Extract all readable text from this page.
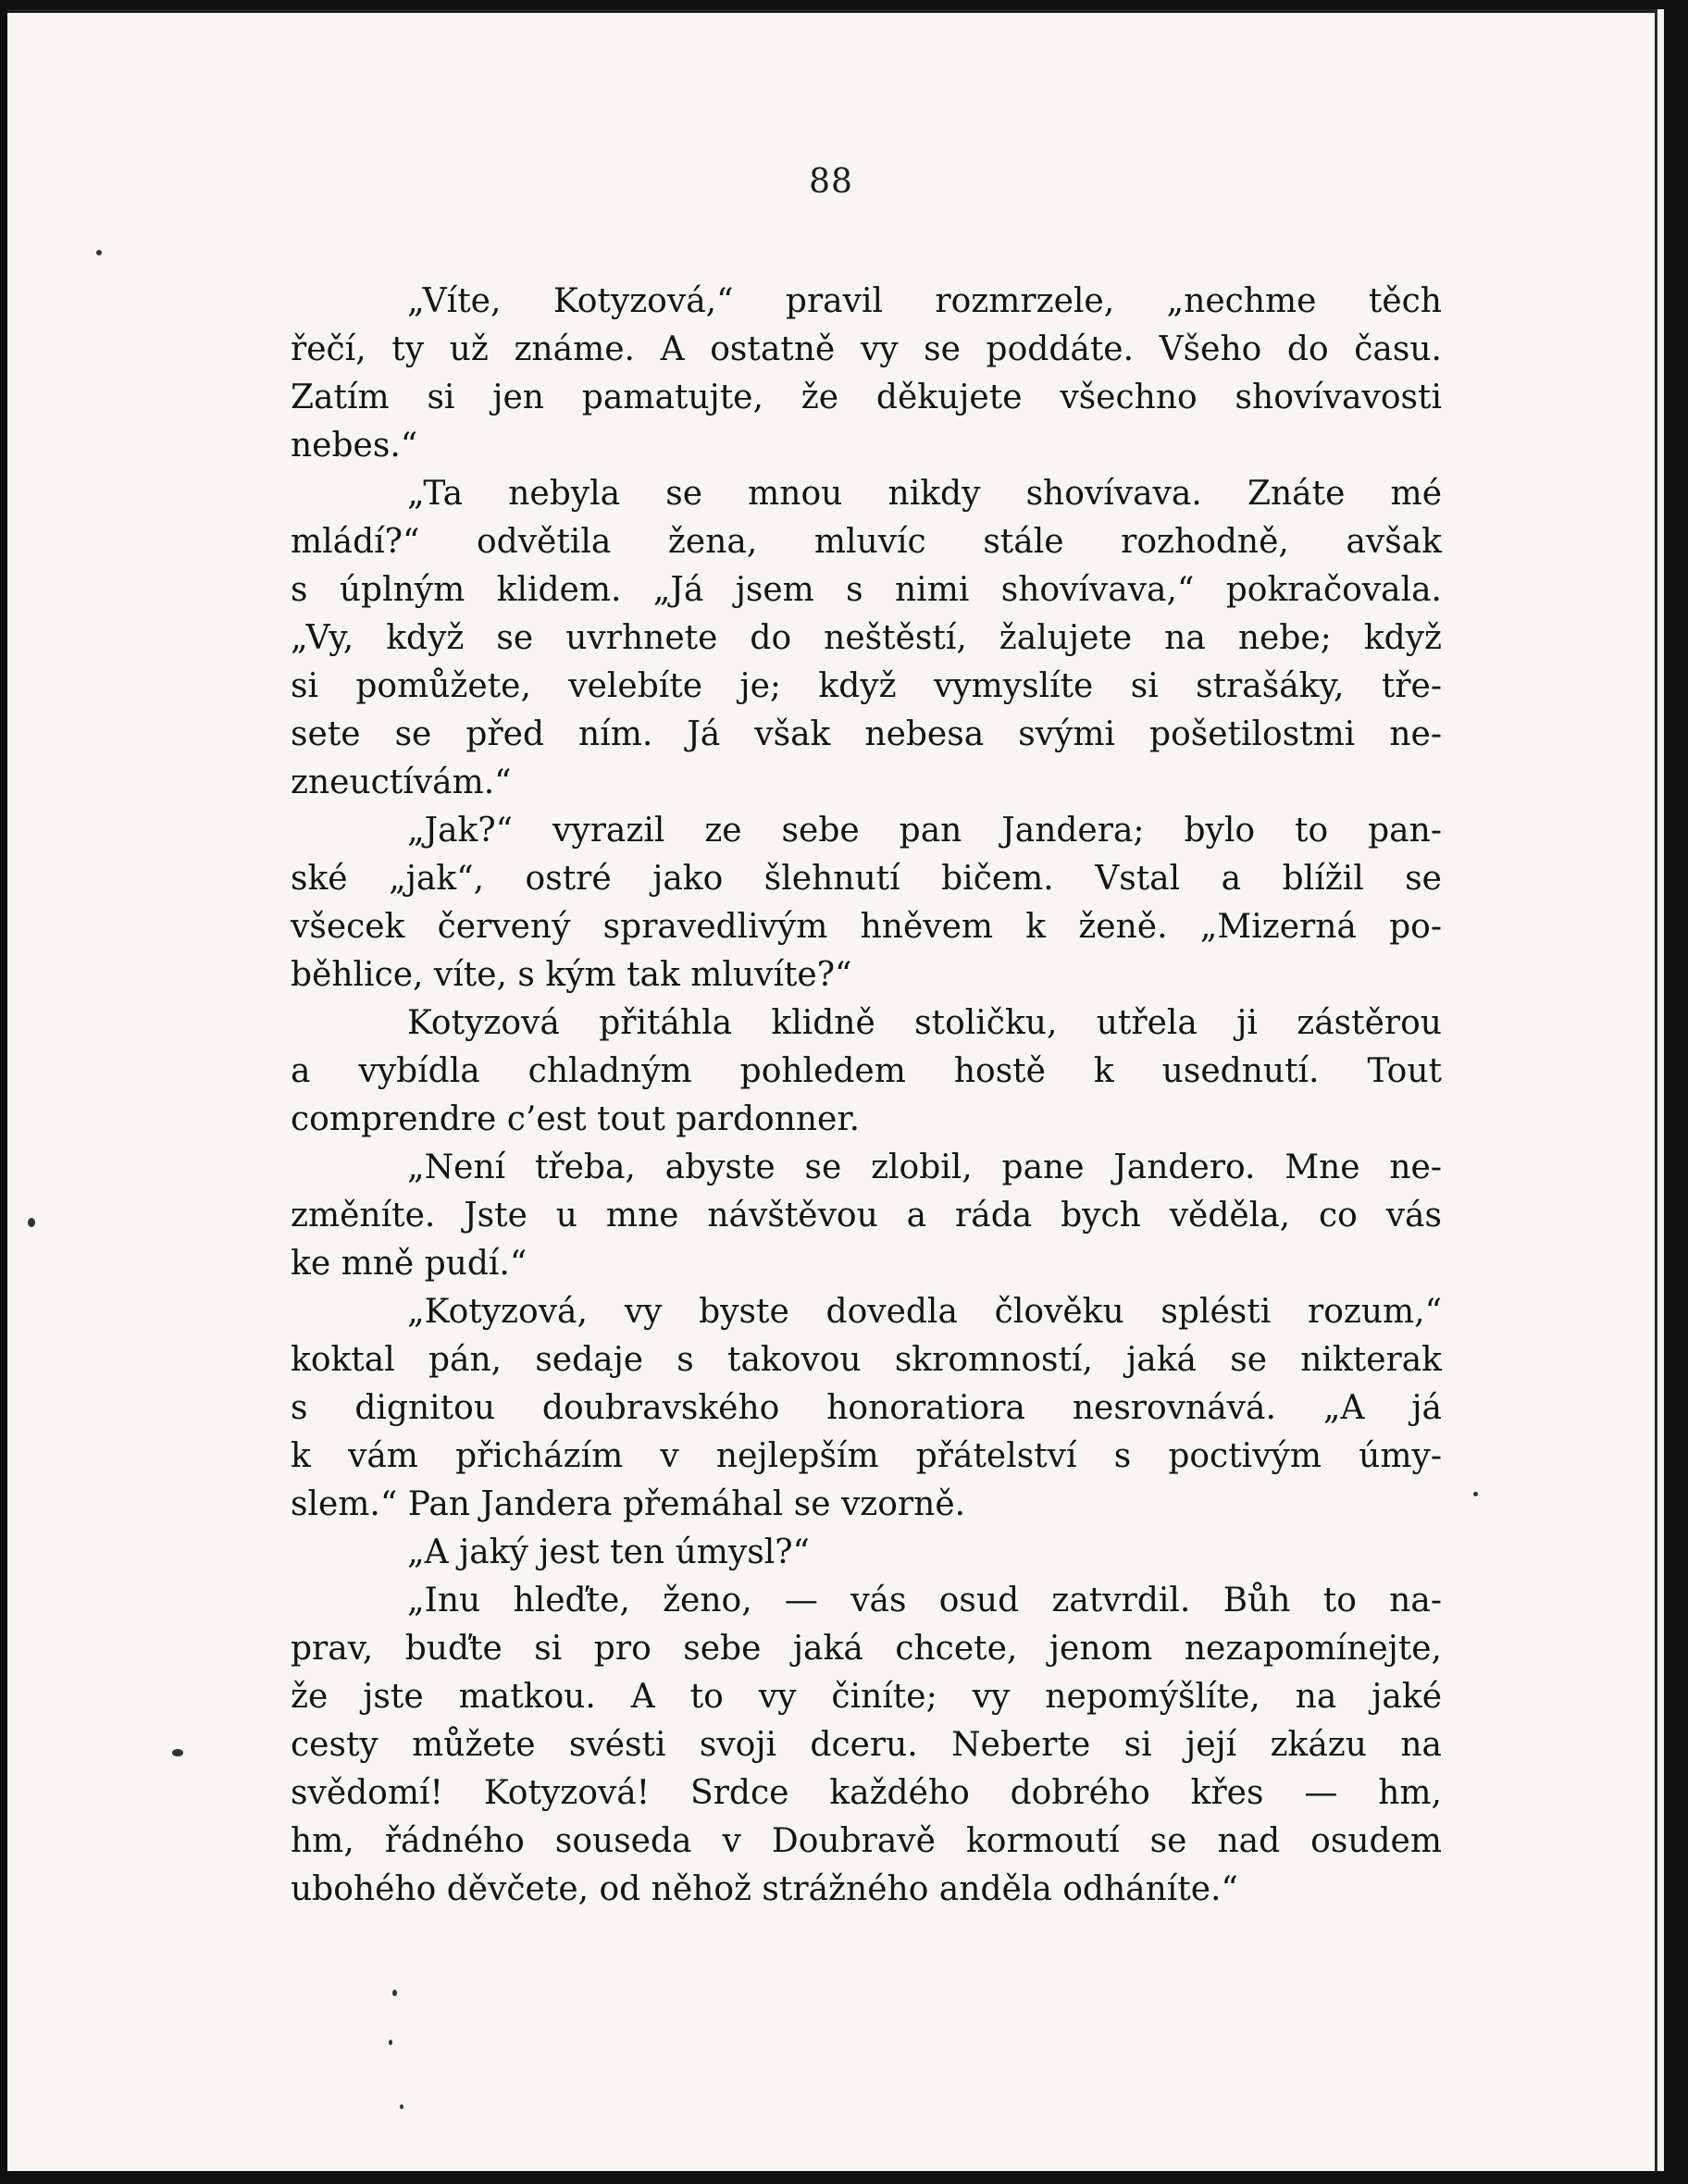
88
„Víte, Kotyzová,“ pravil rozmrzele, „nechme těch
řečí, ty už známe. A ostatně vy se poddáte. Všeho do času.
Zatím si jen pamatujte, že děkujete všechno shovívavosti
nebes.“
„Ta nebyla se mnou nikdy shovívava. Znáte mé
mládí?“ odvětila žena, mluvíc stále rozhodně, avšak
s úplným klidem. „Já jsem s nimi shovívava,“ pokračovala.
„Vy, když se uvrhnete do neštěstí, žalujete na nebe; když
si pomůžete, velebíte je; když vymyslíte si strašáky, tře-
sete se před ním. Já však nebesa svými pošetilostmi ne-
zneuctívám.“
„Jak?“ vyrazil ze sebe pan Jandera; bylo to pan-
ské „jak“, ostré jako šlehnutí bičem. Vstal a blížil se
všecek červený spravedlivým hněvem k ženě. „Mizerná po-
běhlice, víte, s kým tak mluvíte?“
Kotyzová přitáhla klidně stoličku, utřela ji zástěrou
a vybídla chladným pohledem hostě k usednutí. Tout
comprendre c’est tout pardonner.
„Není třeba, abyste se zlobil, pane Jandero. Mne ne-
změníte. Jste u mne návštěvou a ráda bych věděla, co vás
ke mně pudí.“
„Kotyzová, vy byste dovedla člověku splésti rozum,“
koktal pán, sedaje s takovou skromností, jaká se nikterak
s dignitou doubravského honoratiora nesrovnává. „A já
k vám přicházím v nejlepším přátelství s poctivým úmy-
slem.“ Pan Jandera přemáhal se vzorně.
„A jaký jest ten úmysl?“
„Inu hleďte, ženo, — vás osud zatvrdil. Bůh to na-
prav, buďte si pro sebe jaká chcete, jenom nezapomínejte,
že jste matkou. A to vy činíte; vy nepomýšlíte, na jaké
cesty můžete svésti svoji dceru. Neberte si její zkázu na
svědomí! Kotyzová! Srdce každého dobrého křes — hm,
hm, řádného souseda v Doubravě kormoutí se nad osudem
ubohého děvčete, od něhož strážného anděla odháníte.“
